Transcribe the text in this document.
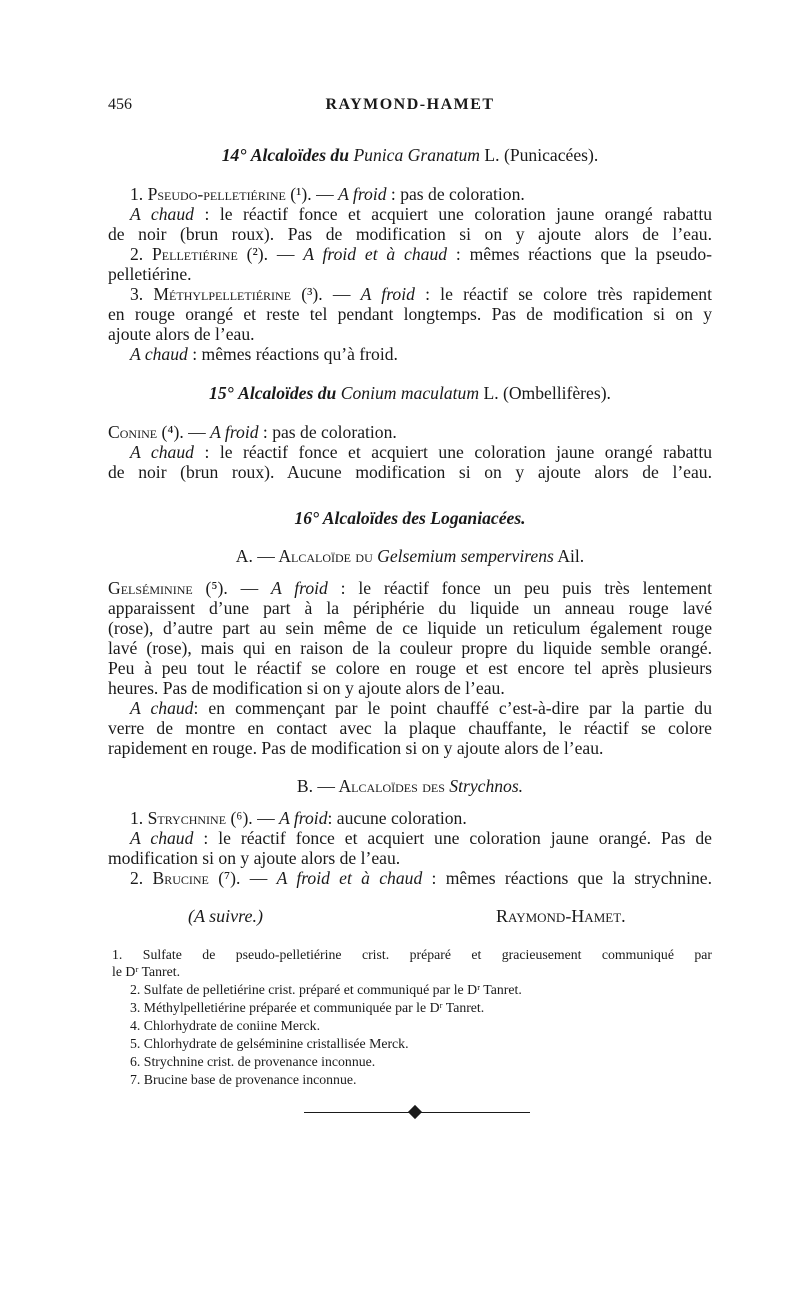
456	RAYMOND-HAMET
14° Alcaloïdes du Punica Granatum L. (Punicacées).
1. Pseudo-pelletiérine (¹). — A froid : pas de coloration.
A chaud : le réactif fonce et acquiert une coloration jaune orangé rabattu
de noir (brun roux). Pas de modification si on y ajoute alors de l’eau.
2. Pelletiérine (²). — A froid et à chaud : mêmes réactions que la pseudo-
pelletiérine.
3. Méthylpelletiérine (³). — A froid : le réactif se colore très rapidement
en rouge orangé et reste tel pendant longtemps. Pas de modification si on y
ajoute alors de l’eau.
A chaud : mêmes réactions qu’à froid.
15° Alcaloïdes du Conium maculatum L. (Ombellifères).
Conine (⁴). — A froid : pas de coloration.
A chaud : le réactif fonce et acquiert une coloration jaune orangé rabattu
de noir (brun roux). Aucune modification si on y ajoute alors de l’eau.
16° Alcaloïdes des Loganiacées.
A. — Alcaloïde du Gelsemium sempervirens Ail.
Gelséminine (⁵). — A froid : le réactif fonce un peu puis très lentement
apparaissent d’une part à la périphérie du liquide un anneau rouge lavé
(rose), d’autre part au sein même de ce liquide un reticulum également rouge
lavé (rose), mais qui en raison de la couleur propre du liquide semble orangé.
Peu à peu tout le réactif se colore en rouge et est encore tel après plusieurs
heures. Pas de modification si on y ajoute alors de l’eau.
A chaud: en commençant par le point chauffé c’est-à-dire par la partie du
verre de montre en contact avec la plaque chauffante, le réactif se colore
rapidement en rouge. Pas de modification si on y ajoute alors de l’eau.
B. — Alcaloïdes des Strychnos.
1. Strychnine (⁶). — A froid: aucune coloration.
A chaud : le réactif fonce et acquiert une coloration jaune orangé. Pas de
modification si on y ajoute alors de l’eau.
2. Brucine (⁷). — A froid et à chaud : mêmes réactions que la strychnine.
(A suivre.)	Raymond-Hamet.
1. Sulfate de pseudo-pelletiérine crist. préparé et gracieusement communiqué par
le Dʳ Tanret.
2. Sulfate de pelletiérine crist. préparé et communiqué par le Dʳ Tanret.
3. Méthylpelletiérine préparée et communiquée par le Dʳ Tanret.
4. Chlorhydrate de coniine Merck.
5. Chlorhydrate de gelséminine cristallisée Merck.
6. Strychnine crist. de provenance inconnue.
7. Brucine base de provenance inconnue.
